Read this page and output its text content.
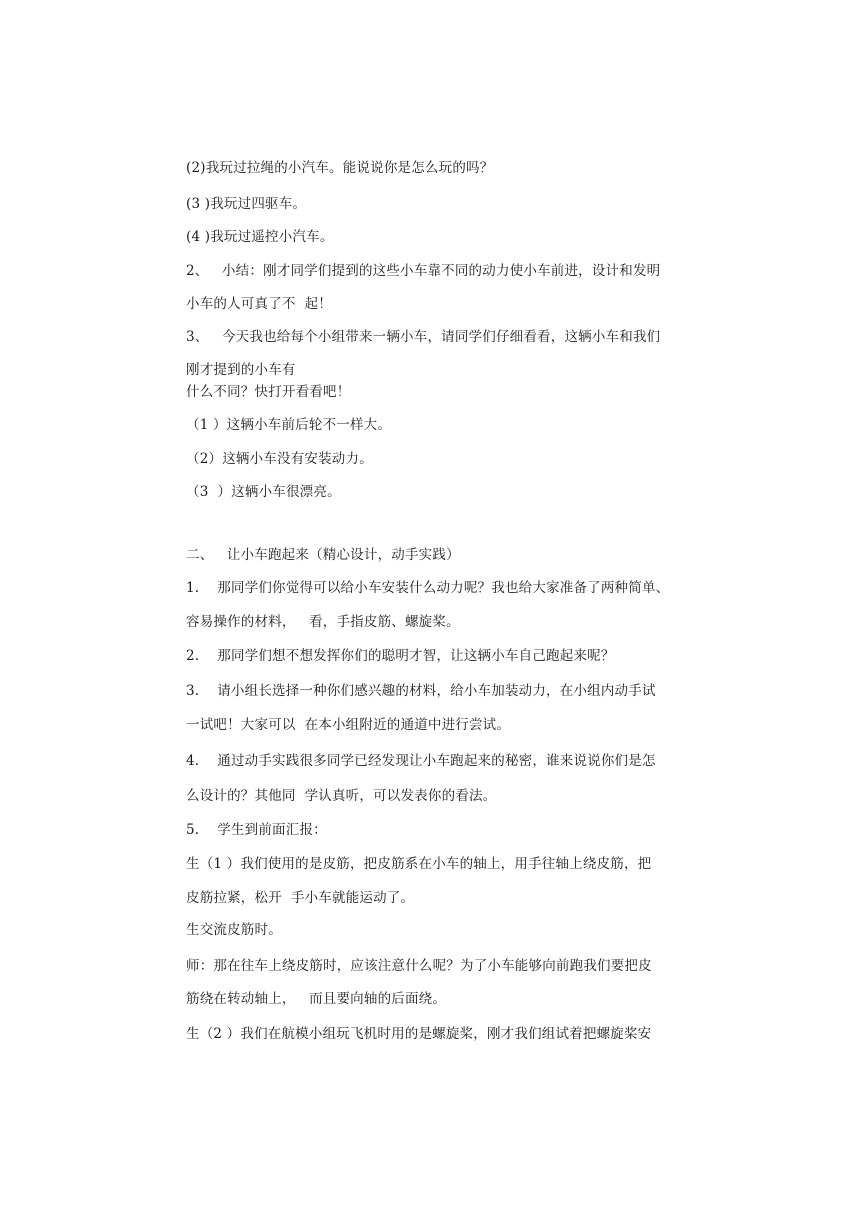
(2)我玩过拉绳的小汽车。能说说你是怎么玩的吗？
(3 )我玩过四驱车。
(4 )我玩过遥控小汽车。
2、   小结：刚才同学们提到的这些小车靠不同的动力使小车前进，设计和发明
小车的人可真了不  起！
3、   今天我也给每个小组带来一辆小车，请同学们仔细看看，这辆小车和我们
刚才提到的小车有
什么不同？快打开看看吧！
（1 ）这辆小车前后轮不一样大。
（2）这辆小车没有安装动力。
（3  ）这辆小车很漂亮。
二、   让小车跑起来（精心设计，动手实践）
1.    那同学们你觉得可以给小车安装什么动力呢？我也给大家准备了两种简单、
容易操作的材料，   看，手指皮筋、螺旋桨。
2.    那同学们想不想发挥你们的聪明才智，让这辆小车自己跑起来呢？
3.    请小组长选择一种你们感兴趣的材料，给小车加装动力，在小组内动手试
一试吧！大家可以  在本小组附近的通道中进行尝试。
4.    通过动手实践很多同学已经发现让小车跑起来的秘密，谁来说说你们是怎
么设计的？其他同  学认真听，可以发表你的看法。
5.    学生到前面汇报：
生（1 ）我们使用的是皮筋，把皮筋系在小车的轴上，用手往轴上绕皮筋，把
皮筋拉紧，松开  手小车就能运动了。
生交流皮筋时。
师：那在往车上绕皮筋时，应该注意什么呢？为了小车能够向前跑我们要把皮
筋绕在转动轴上，   而且要向轴的后面绕。
生（2 ）我们在航模小组玩飞机时用的是螺旋桨，刚才我们组试着把螺旋桨安
